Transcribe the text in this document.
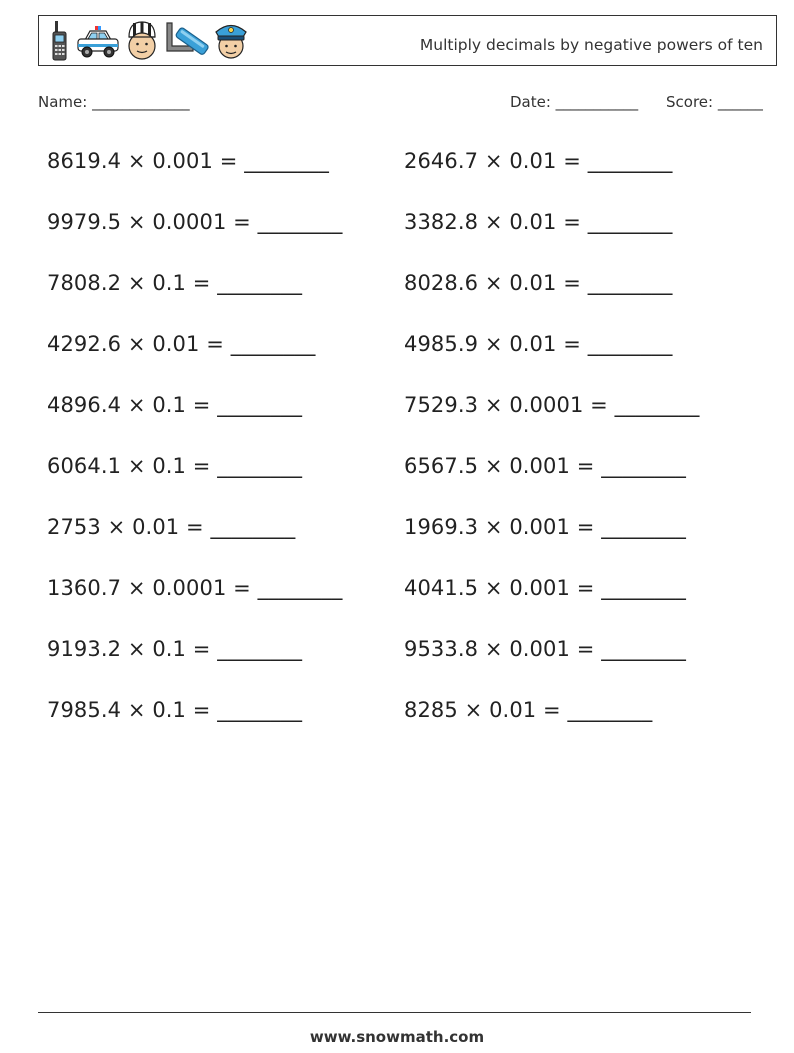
Multiply decimals by negative powers of ten
Name: _____________	Date: ___________ Score: ______
8619.4 × 0.001 = ________	2646.7 × 0.01 = ________
9979.5 × 0.0001 = ________	3382.8 × 0.01 = ________
7808.2 × 0.1 = ________	8028.6 × 0.01 = ________
4292.6 × 0.01 = ________	4985.9 × 0.01 = ________
4896.4 × 0.1 = ________	7529.3 × 0.0001 = ________
6064.1 × 0.1 = ________	6567.5 × 0.001 = ________
2753 × 0.01 = ________	1969.3 × 0.001 = ________
1360.7 × 0.0001 = ________	4041.5 × 0.001 = ________
9193.2 × 0.1 = ________	9533.8 × 0.001 = ________
7985.4 × 0.1 = ________	8285 × 0.01 = ________
www.snowmath.com
